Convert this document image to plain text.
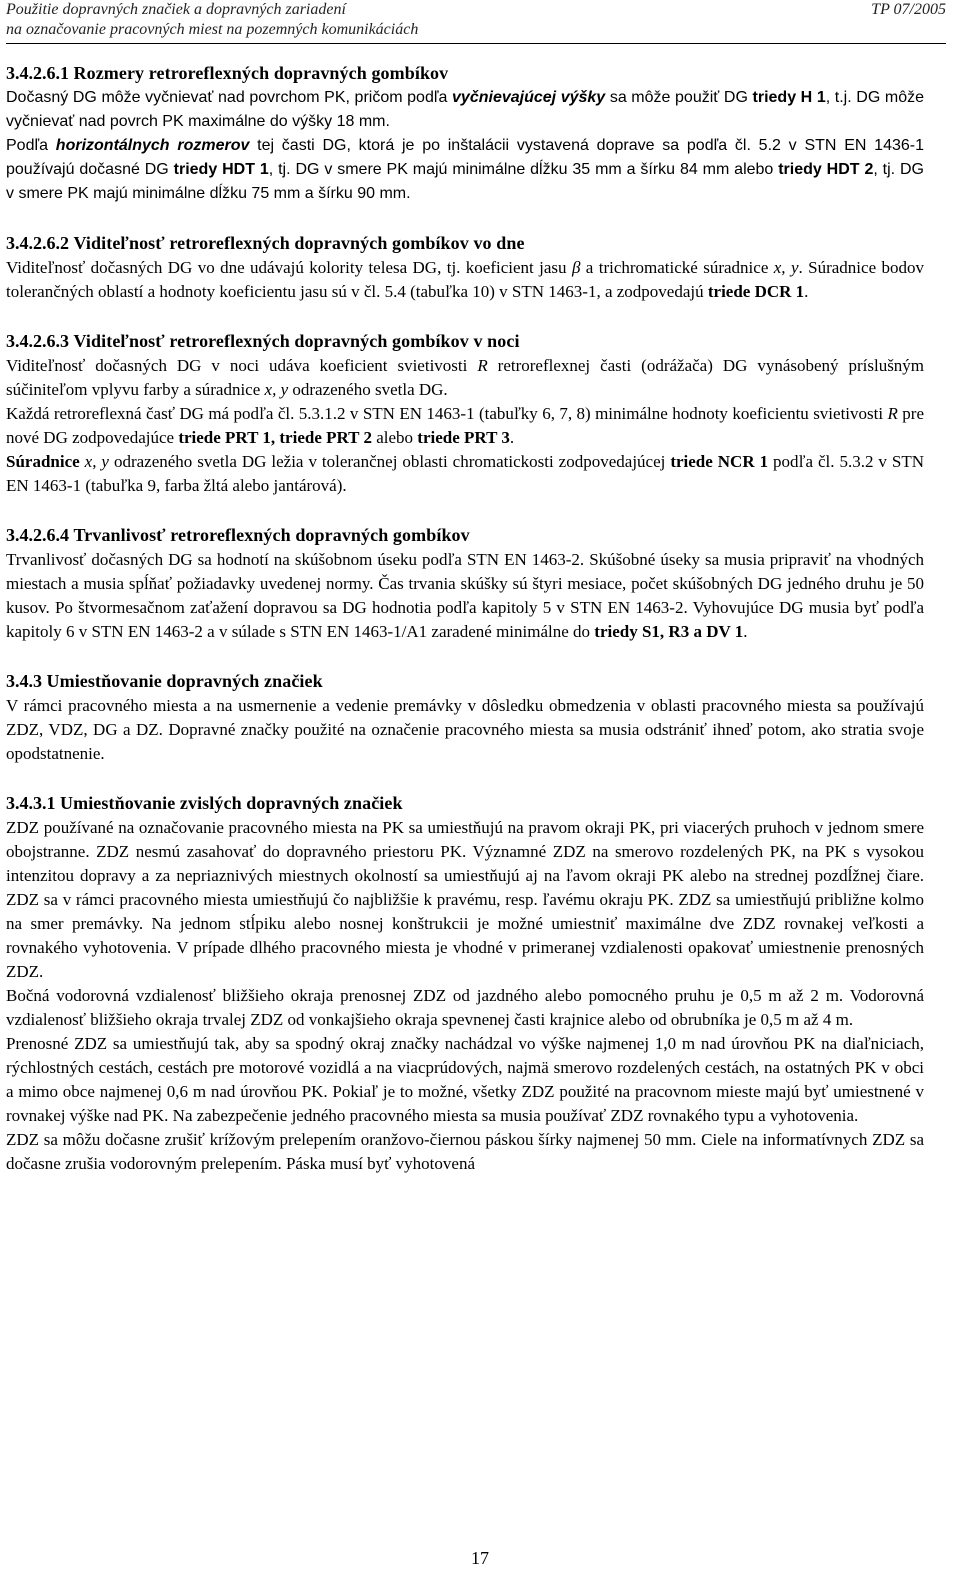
Použitie dopravných značiek a dopravných zariadení	TP 07/2005
na označovanie pracovných miest na pozemných komunikáciách
3.4.2.6.1 Rozmery retroreflexných dopravných gombíkov

Dočasný DG môže vyčnievať nad povrchom PK, pričom podľa vyčnievajúcej výšky sa môže použiť DG triedy H 1, t.j. DG môže vyčnievať nad povrch PK maximálne do výšky 18 mm.

Podľa horizontálnych rozmerov tej časti DG, ktorá je po inštalácii vystavená doprave sa podľa čl. 5.2 v STN EN 1436-1 používajú dočasné DG triedy HDT 1, tj. DG v smere PK majú minimálne dĺžku 35 mm a šírku 84 mm alebo triedy HDT 2, tj. DG v smere PK majú minimálne dĺžku 75 mm a šírku 90 mm.

3.4.2.6.2 Viditeľnosť retroreflexných dopravných gombíkov vo dne

Viditeľnosť dočasných DG vo dne udávajú kolority telesa DG, tj. koeficient jasu β a trichromatické súradnice x, y. Súradnice bodov tolerančných oblastí a hodnoty koeficientu jasu sú v čl. 5.4 (tabuľka 10) v STN 1463-1, a zodpovedajú triede DCR 1.

3.4.2.6.3 Viditeľnosť retroreflexných dopravných gombíkov v noci

Viditeľnosť dočasných DG v noci udáva koeficient svietivosti R retroreflexnej časti (odrážača) DG vynásobený príslušným súčiniteľom vplyvu farby a súradnice x, y odrazeného svetla DG.

Každá retroreflexná časť DG má podľa čl. 5.3.1.2 v STN EN 1463-1 (tabuľky 6, 7, 8) minimálne hodnoty koeficientu svietivosti R pre nové DG zodpovedajúce triede PRT 1, triede PRT 2 alebo triede PRT 3.

Súradnice x, y odrazeného svetla DG ležia v tolerančnej oblasti chromatickosti zodpovedajúcej triede NCR 1 podľa čl. 5.3.2 v STN EN 1463-1 (tabuľka 9, farba žltá alebo jantárová).

3.4.2.6.4 Trvanlivosť retroreflexných dopravných gombíkov

Trvanlivosť dočasných DG sa hodnotí na skúšobnom úseku podľa STN EN 1463-2. Skúšobné úseky sa musia pripraviť na vhodných miestach a musia spĺňať požiadavky uvedenej normy. Čas trvania skúšky sú štyri mesiace, počet skúšobných DG jedného druhu je 50 kusov. Po štvormesačnom zaťažení dopravou sa DG hodnotia podľa kapitoly 5 v STN EN 1463-2. Vyhovujúce DG musia byť podľa kapitoly 6 v STN EN 1463-2 a v súlade s STN EN 1463-1/A1 zaradené minimálne do triedy S1, R3 a DV 1.

3.4.3 Umiestňovanie dopravných značiek

V rámci pracovného miesta a na usmernenie a vedenie premávky v dôsledku obmedzenia v oblasti pracovného miesta sa používajú ZDZ, VDZ, DG a DZ. Dopravné značky použité na označenie pracovného miesta sa musia odstrániť ihneď potom, ako stratia svoje opodstatnenie.

3.4.3.1 Umiestňovanie zvislých dopravných značiek

ZDZ používané na označovanie pracovného miesta na PK sa umiestňujú na pravom okraji PK, pri viacerých pruhoch v jednom smere obojstranne. ZDZ nesmú zasahovať do dopravného priestoru PK. Významné ZDZ na smerovo rozdelených PK, na PK s vysokou intenzitou dopravy a za nepriaznivých miestnych okolností sa umiestňujú aj na ľavom okraji PK alebo na strednej pozdĺžnej čiare. ZDZ sa v rámci pracovného miesta umiestňujú čo najbližšie k pravému, resp. ľavému okraju PK. ZDZ sa umiestňujú približne kolmo na smer premávky. Na jednom stĺpiku alebo nosnej konštrukcii je možné umiestniť maximálne dve ZDZ rovnakej veľkosti a rovnakého vyhotovenia. V prípade dlhého pracovného miesta je vhodné v primeranej vzdialenosti opakovať umiestnenie prenosných ZDZ.

Bočná vodorovná vzdialenosť bližšieho okraja prenosnej ZDZ od jazdného alebo pomocného pruhu je 0,5 m až 2 m. Vodorovná vzdialenosť bližšieho okraja trvalej ZDZ od vonkajšieho okraja spevnenej časti krajnice alebo od obrubníka je 0,5 m až 4 m.

Prenosné ZDZ sa umiestňujú tak, aby sa spodný okraj značky nachádzal vo výške najmenej 1,0 m nad úrovňou PK na diaľniciach, rýchlostných cestách, cestách pre motorové vozidlá a na viacprúdových, najmä smerovo rozdelených cestách, na ostatných PK v obci a mimo obce najmenej 0,6 m nad úrovňou PK. Pokiaľ je to možné, všetky ZDZ použité na pracovnom mieste majú byť umiestnené v rovnakej výške nad PK. Na zabezpečenie jedného pracovného miesta sa musia používať ZDZ rovnakého typu a vyhotovenia.

ZDZ sa môžu dočasne zrušiť krížovým prelepením oranžovo-čiernou páskou šírky najmenej 50 mm. Ciele na informatívnych ZDZ sa dočasne zrušia vodorovným prelepením. Páska musí byť vyhotovená

17
